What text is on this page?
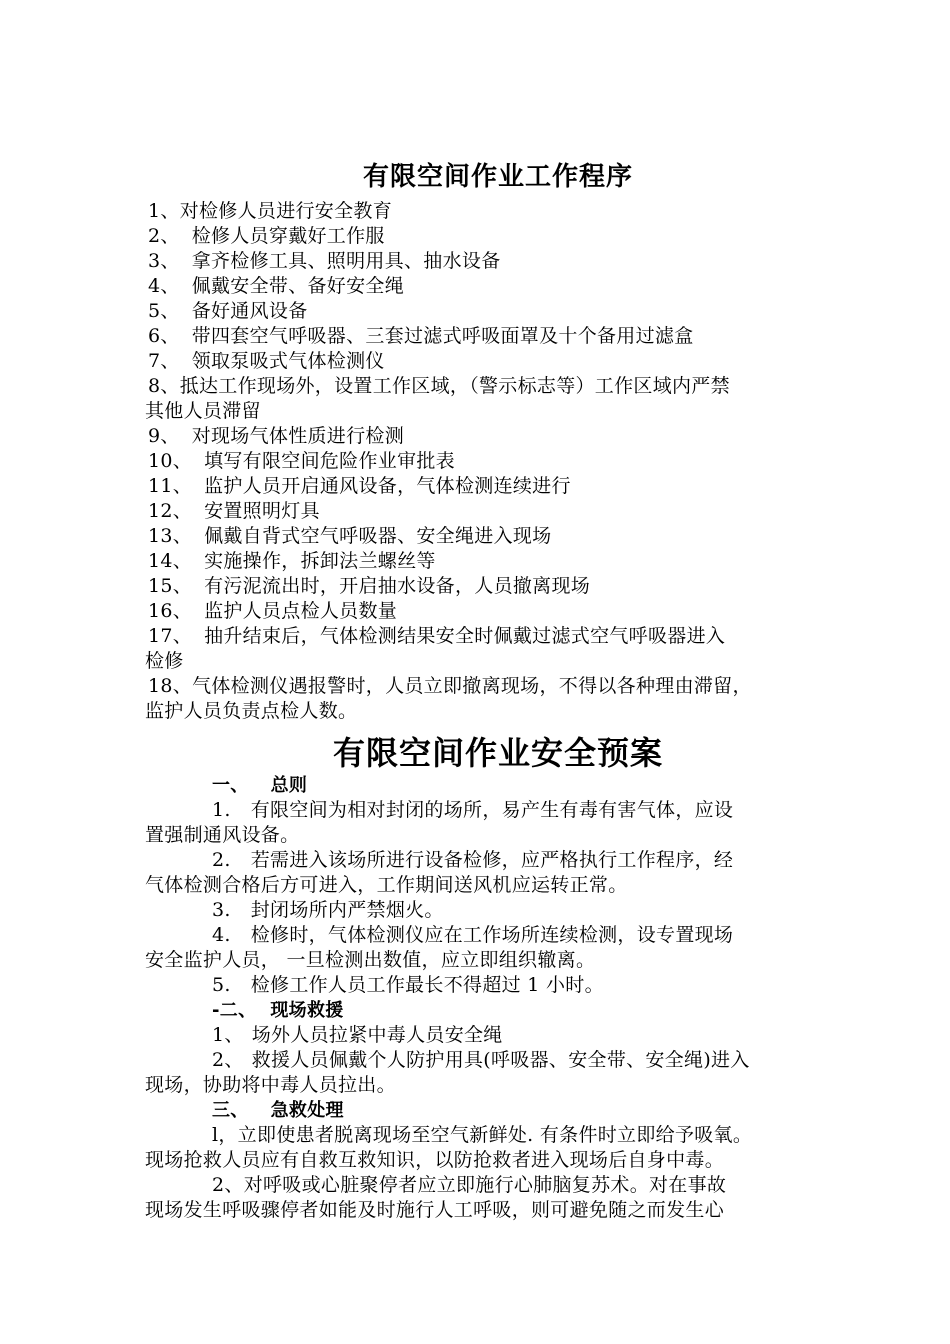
有限空间作业工作程序
1、对检修人员进行安全教育
2、 检修人员穿戴好工作服
3、 拿齐检修工具、照明用具、抽水设备
4、 佩戴安全带、备好安全绳
5、 备好通风设备
6、 带四套空气呼吸器、三套过滤式呼吸面罩及十个备用过滤盒
7、 领取泵吸式气体检测仪
8、抵达工作现场外，设置工作区域，（警示标志等）工作区域内严禁
其他人员滞留
9、 对现场气体性质进行检测
10、 填写有限空间危险作业审批表
11、 监护人员开启通风设备，气体检测连续进行
12、 安置照明灯具
13、 佩戴自背式空气呼吸器、安全绳进入现场
14、 实施操作，拆卸法兰螺丝等
15、 有污泥流出时，开启抽水设备，人员撤离现场
16、 监护人员点检人员数量
17、 抽升结束后，气体检测结果安全时佩戴过滤式空气呼吸器进入
检修
18、气体检测仪遇报警时，人员立即撤离现场，不得以各种理由滞留，
监护人员负责点检人数。
有限空间作业安全预案
一、 总则
1. 有限空间为相对封闭的场所，易产生有毒有害气体，应设
置强制通风设备。
2. 若需进入该场所进行设备检修，应严格执行工作程序，经
气体检测合格后方可进入，工作期间送风机应运转正常。
3. 封闭场所内严禁烟火。
4. 检修时，气体检测仪应在工作场所连续检测，设专置现场
安全监护人员， 一旦检测出数值，应立即组织辙离。
5. 检修工作人员工作最长不得超过 1 小时。
-二、 现场救援
1、 场外人员拉紧中毒人员安全绳
2、 救援人员佩戴个人防护用具(呼吸器、安全带、安全绳)进入
现场，协助将中毒人员拉出。
三、 急救处理
l，立即使患者脱离现场至空气新鲜处. 有条件时立即给予吸氧。
现场抢救人员应有自救互救知识，以防抢救者进入现场后自身中毒。
2、对呼吸或心脏聚停者应立即施行心肺脑复苏术。对在事故
现场发生呼吸骤停者如能及时施行人工呼吸，则可避免随之而发生心
